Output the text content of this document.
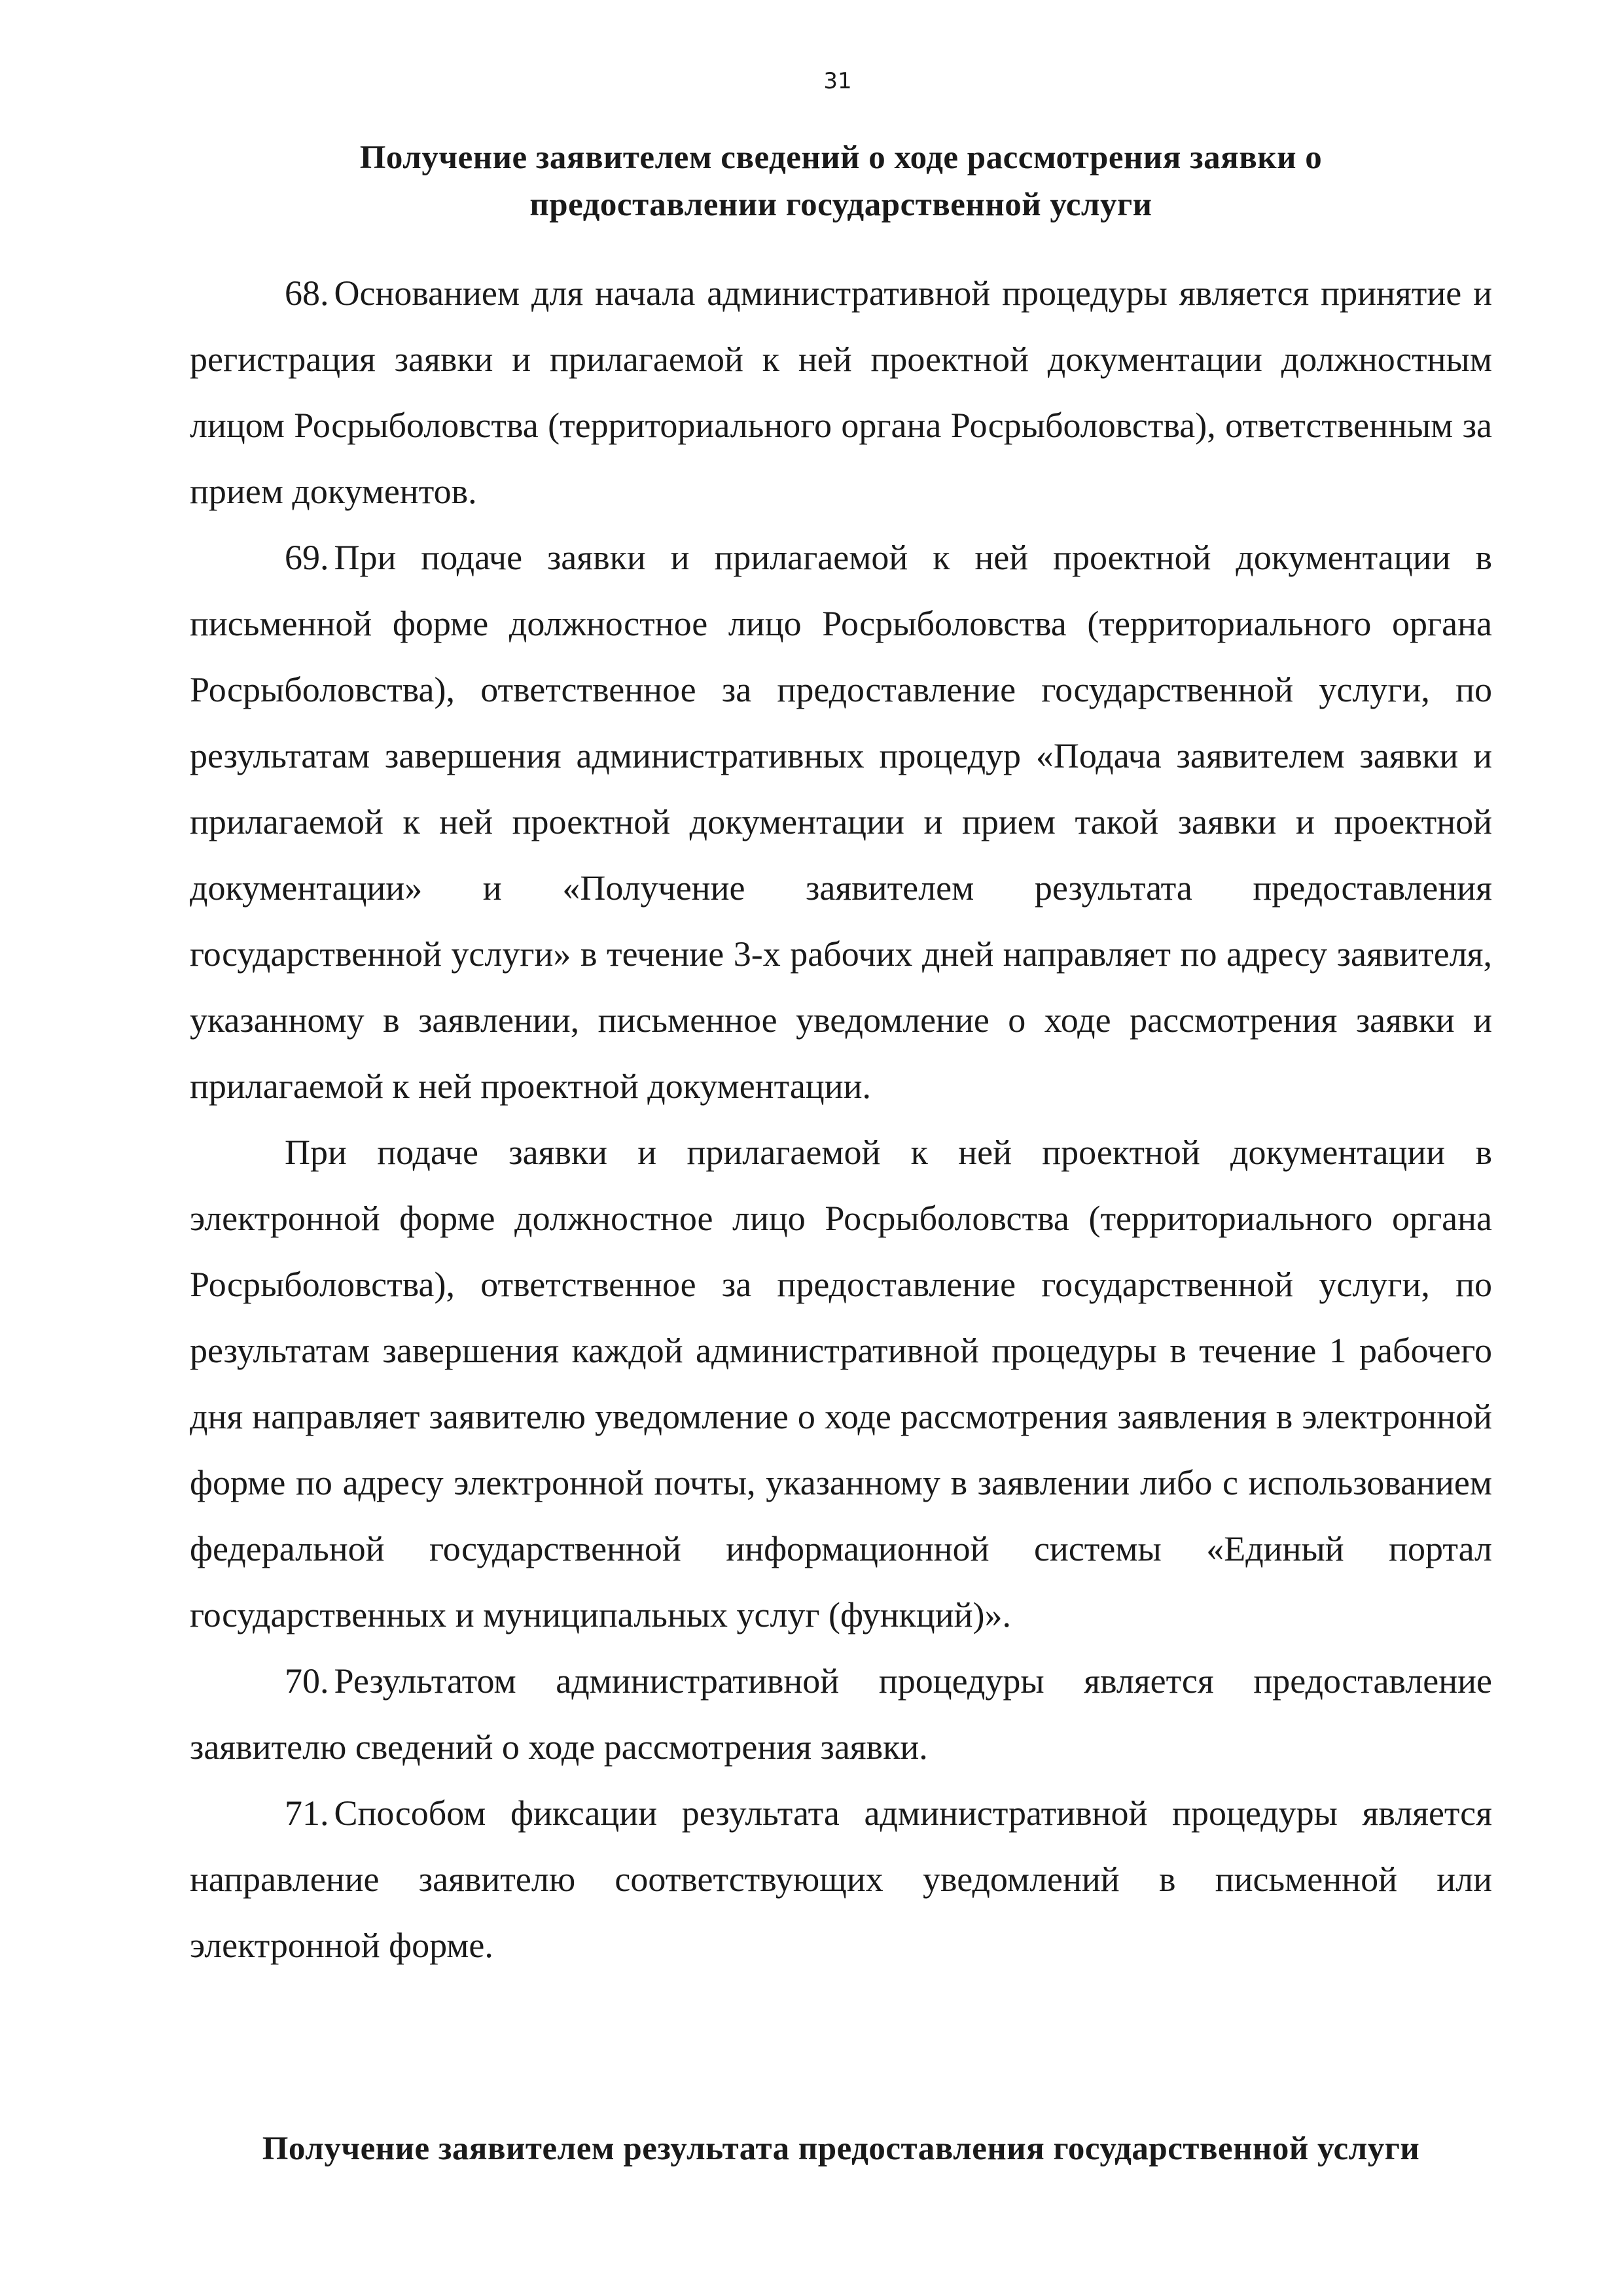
31
Получение заявителем сведений о ходе рассмотрения заявки о
предоставлении государственной услуги

68. Основанием для начала административной процедуры является принятие и регистрация заявки и прилагаемой к ней проектной документации должностным лицом Росрыболовства (территориального органа Росрыболовства), ответственным за прием документов.

69. При подаче заявки и прилагаемой к ней проектной документации в письменной форме должностное лицо Росрыболовства (территориального органа Росрыболовства), ответственное за предоставление государственной услуги, по результатам завершения административных процедур «Подача заявителем заявки и прилагаемой к ней проектной документации и прием такой заявки и проектной документации» и «Получение заявителем результата предоставления государственной услуги» в течение 3-х рабочих дней направляет по адресу заявителя, указанному в заявлении, письменное уведомление о ходе рассмотрения заявки и прилагаемой к ней проектной документации.

При подаче заявки и прилагаемой к ней проектной документации в электронной форме должностное лицо Росрыболовства (территориального органа Росрыболовства), ответственное за предоставление государственной услуги, по результатам завершения каждой административной процедуры в течение 1 рабочего дня направляет заявителю уведомление о ходе рассмотрения заявления в электронной форме по адресу электронной почты, указанному в заявлении либо с использованием федеральной государственной информационной системы «Единый портал государственных и муниципальных услуг (функций)».

70. Результатом административной процедуры является предоставление заявителю сведений о ходе рассмотрения заявки.

71. Способом фиксации результата административной процедуры является направление заявителю соответствующих уведомлений в письменной или электронной форме.

Получение заявителем результата предоставления государственной услуги
